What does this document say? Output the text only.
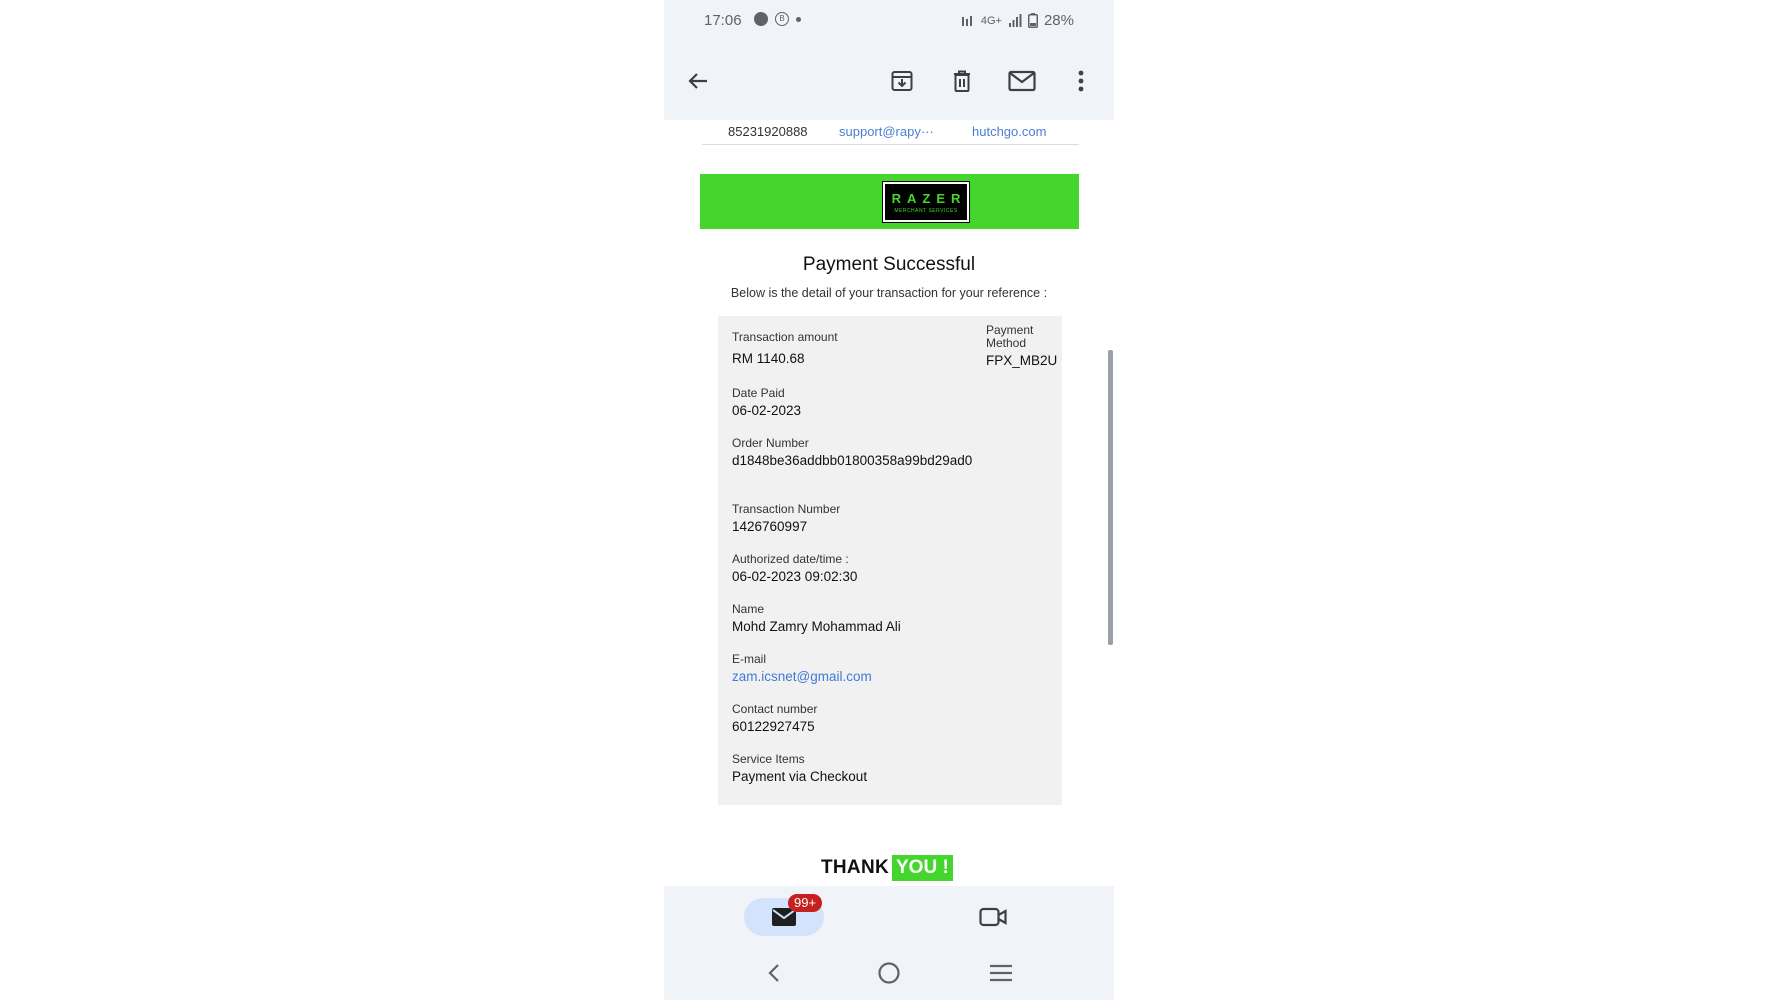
17:06	B	4G+	28%
85231920888 support@rapy···	hutchgo.com
RAZER
MERCHANT SERVICES
Payment Successful
Below is the detail of your transaction for your reference :
Transaction amount
RM 1140.68
Payment Method
FPX_MB2U
Date Paid
06-02-2023
Order Number
d1848be36addbb01800358a99bd29ad0
Transaction Number
1426760997
Authorized date/time :
06-02-2023 09:02:30
Name
Mohd Zamry Mohammad Ali
E-mail
zam.icsnet@gmail.com
Contact number
60122927475
Service Items
Payment via Checkout
THANK YOU !
99+
